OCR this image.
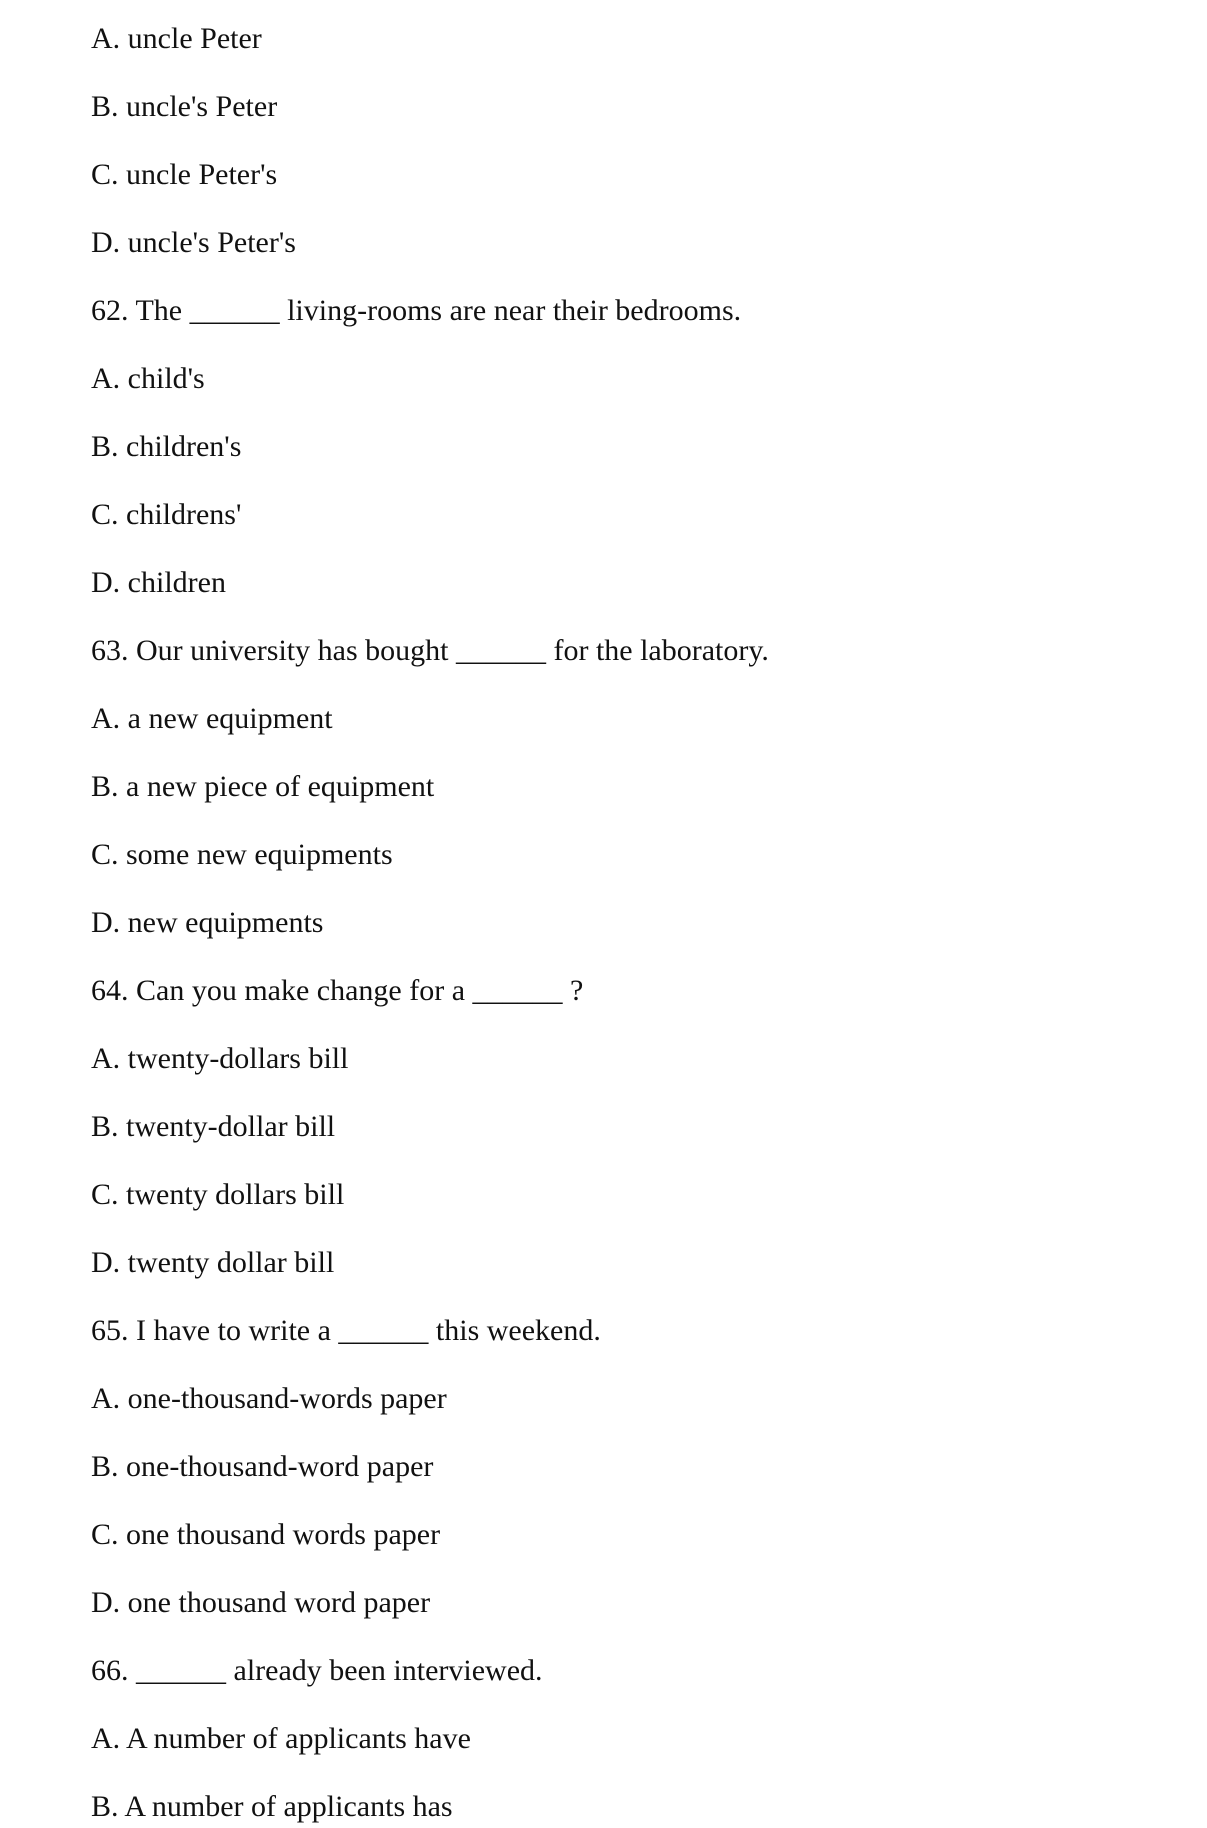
A. uncle Peter

B. uncle's Peter

C. uncle Peter's

D. uncle's Peter's

62. The ______ living-rooms are near their bedrooms.

A. child's

B. children's

C. childrens'

D. children

63. Our university has bought ______ for the laboratory.

A. a new equipment

B. a new piece of equipment

C. some new equipments

D. new equipments

64. Can you make change for a ______ ?

A. twenty-dollars bill

B. twenty-dollar bill

C. twenty dollars bill

D. twenty dollar bill

65. I have to write a ______ this weekend.

A. one-thousand-words paper

B. one-thousand-word paper

C. one thousand words paper

D. one thousand word paper

66. ______ already been interviewed.

A. A number of applicants have

B. A number of applicants has
